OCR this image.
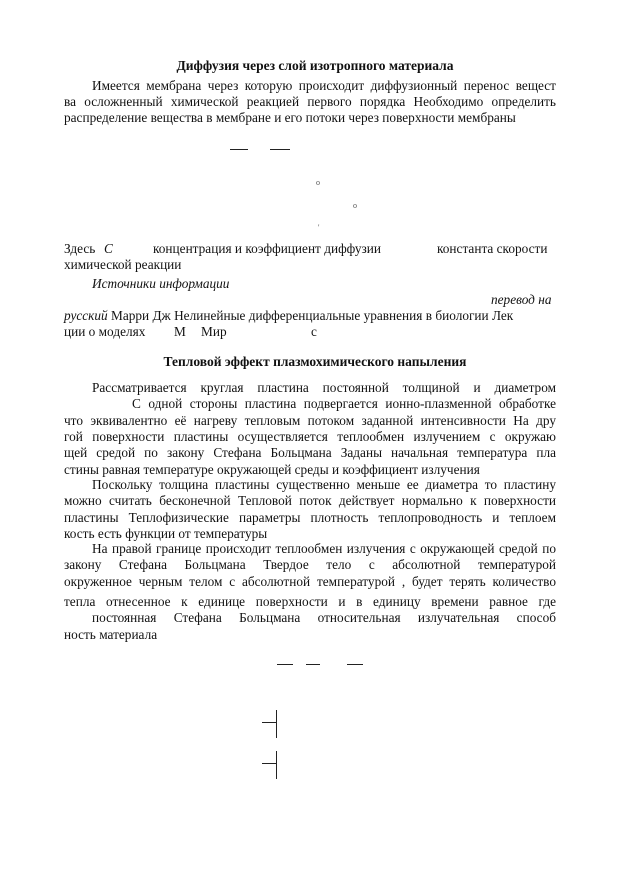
Диффузия через слой изотропного материала
Имеется мембрана через которую происходит диффузионный перенос вещест
ва осложненный химической реакцией первого порядка Необходимо определить
распределение вещества в мембране и его потоки через поверхности мембраны
о
о
'
Здесь С	концентрация и коэффициент диффузии	константа скорости
химической реакции
Источники информации
перевод на
русский Марри Дж Нелинейные дифференциальные уравнения в биологии Лек
ции о моделях М Мир	с
Тепловой эффект плазмохимического напыления
Рассматривается круглая пластина постоянной толщиной и диаметром
С одной стороны пластина подвергается ионно-плазменной обработке
что эквивалентно её нагреву тепловым потоком заданной интенсивности На дру
гой поверхности пластины осуществляется теплообмен излучением с окружаю
щей средой по закону Стефана Больцмана Заданы начальная температура пла
стины равная температуре окружающей среды и коэффициент излучения
Поскольку толщина пластины существенно меньше ее диаметра то пластину
можно считать бесконечной Тепловой поток действует нормально к поверхности
пластины Теплофизические параметры плотность теплопроводность и теплоем
кость есть функции от температуры
На правой границе происходит теплообмен излучения с окружающей средой по
закону Стефана Больцмана Твердое тело с абсолютной температурой
окруженное черным телом с абсолютной температурой , будет терять количество
тепла отнесенное к единице поверхности и в единицу времени равное где
постоянная Стефана Больцмана относительная излучательная способ
ность материала
